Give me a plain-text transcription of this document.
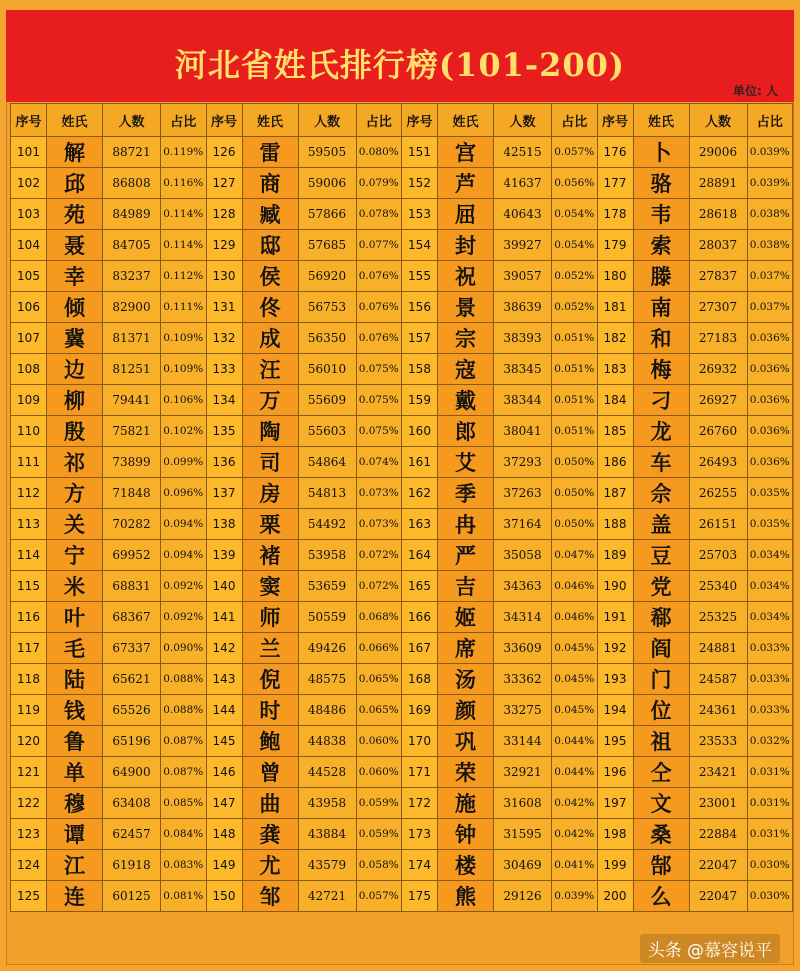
河北省姓氏排行榜(101-200)
单位: 人
序号	姓氏	人数	占比	序号	姓氏	人数	占比	序号	姓氏	人数	占比	序号	姓氏	人数	占比
101	解	88721	0.119%	126	雷	59505	0.080%	151	宫	42515	0.057%	176	卜	29006	0.039%
102	邱	86808	0.116%	127	商	59006	0.079%	152	芦	41637	0.056%	177	骆	28891	0.039%
103	苑	84989	0.114%	128	臧	57866	0.078%	153	屈	40643	0.054%	178	韦	28618	0.038%
104	聂	84705	0.114%	129	邸	57685	0.077%	154	封	39927	0.054%	179	索	28037	0.038%
105	幸	83237	0.112%	130	侯	56920	0.076%	155	祝	39057	0.052%	180	滕	27837	0.037%
106	倾	82900	0.111%	131	佟	56753	0.076%	156	景	38639	0.052%	181	南	27307	0.037%
107	冀	81371	0.109%	132	成	56350	0.076%	157	宗	38393	0.051%	182	和	27183	0.036%
108	边	81251	0.109%	133	汪	56010	0.075%	158	寇	38345	0.051%	183	梅	26932	0.036%
109	柳	79441	0.106%	134	万	55609	0.075%	159	戴	38344	0.051%	184	刁	26927	0.036%
110	殷	75821	0.102%	135	陶	55603	0.075%	160	郎	38041	0.051%	185	龙	26760	0.036%
111	祁	73899	0.099%	136	司	54864	0.074%	161	艾	37293	0.050%	186	车	26493	0.036%
112	方	71848	0.096%	137	房	54813	0.073%	162	季	37263	0.050%	187	佘	26255	0.035%
113	关	70282	0.094%	138	栗	54492	0.073%	163	冉	37164	0.050%	188	盖	26151	0.035%
114	宁	69952	0.094%	139	褚	53958	0.072%	164	严	35058	0.047%	189	豆	25703	0.034%
115	米	68831	0.092%	140	窦	53659	0.072%	165	吉	34363	0.046%	190	党	25340	0.034%
116	叶	68367	0.092%	141	师	50559	0.068%	166	姬	34314	0.046%	191	郗	25325	0.034%
117	毛	67337	0.090%	142	兰	49426	0.066%	167	席	33609	0.045%	192	阎	24881	0.033%
118	陆	65621	0.088%	143	倪	48575	0.065%	168	汤	33362	0.045%	193	门	24587	0.033%
119	钱	65526	0.088%	144	时	48486	0.065%	169	颜	33275	0.045%	194	位	24361	0.033%
120	鲁	65196	0.087%	145	鲍	44838	0.060%	170	巩	33144	0.044%	195	祖	23533	0.032%
121	单	64900	0.087%	146	曾	44528	0.060%	171	荣	32921	0.044%	196	仝	23421	0.031%
122	穆	63408	0.085%	147	曲	43958	0.059%	172	施	31608	0.042%	197	文	23001	0.031%
123	谭	62457	0.084%	148	龚	43884	0.059%	173	钟	31595	0.042%	198	桑	22884	0.031%
124	江	61918	0.083%	149	尤	43579	0.058%	174	楼	30469	0.041%	199	郜	22047	0.030%
125	连	60125	0.081%	150	邹	42721	0.057%	175	熊	29126	0.039%	200	么	22047	0.030%
头条 @慕容说平
